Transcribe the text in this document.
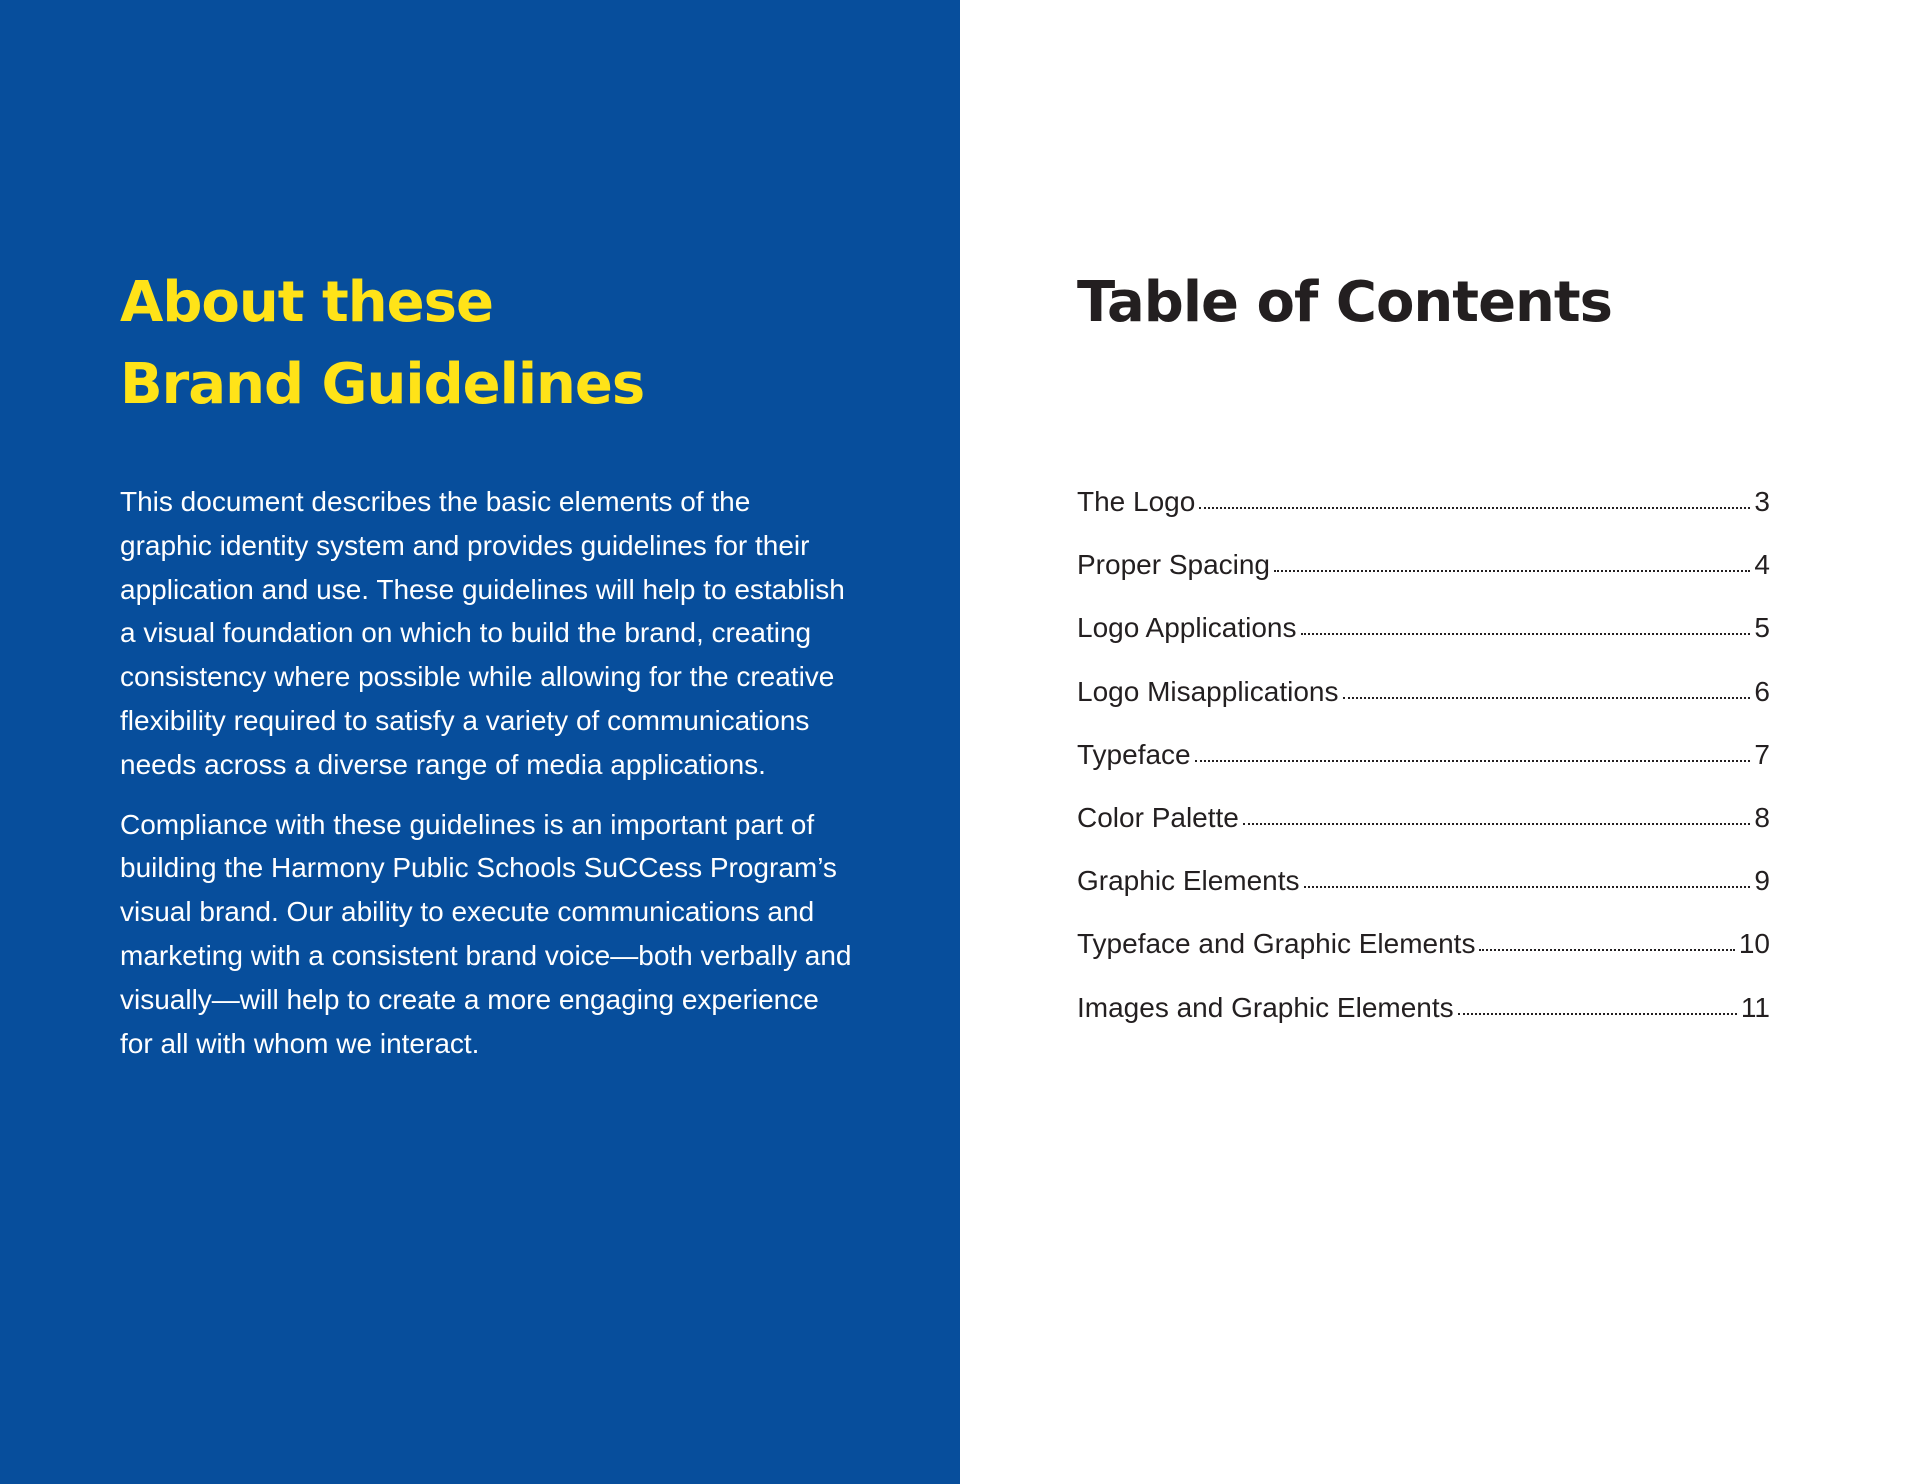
About these
Brand Guidelines

This document describes the basic elements of the
graphic identity system and provides guidelines for their
application and use. These guidelines will help to establish
a visual foundation on which to build the brand, creating
consistency where possible while allowing for the creative
flexibility required to satisfy a variety of communications
needs across a diverse range of media applications.

Compliance with these guidelines is an important part of
building the Harmony Public Schools SuCCess Program’s
visual brand. Our ability to execute communications and
marketing with a consistent brand voice—both verbally and
visually—will help to create a more engaging experience
for all with whom we interact.

Table of Contents
The Logo	3
Proper Spacing	4
Logo Applications	5
Logo Misapplications	6
Typeface	7
Color Palette	8
Graphic Elements	9
Typeface and Graphic Elements	10
Images and Graphic Elements	11
